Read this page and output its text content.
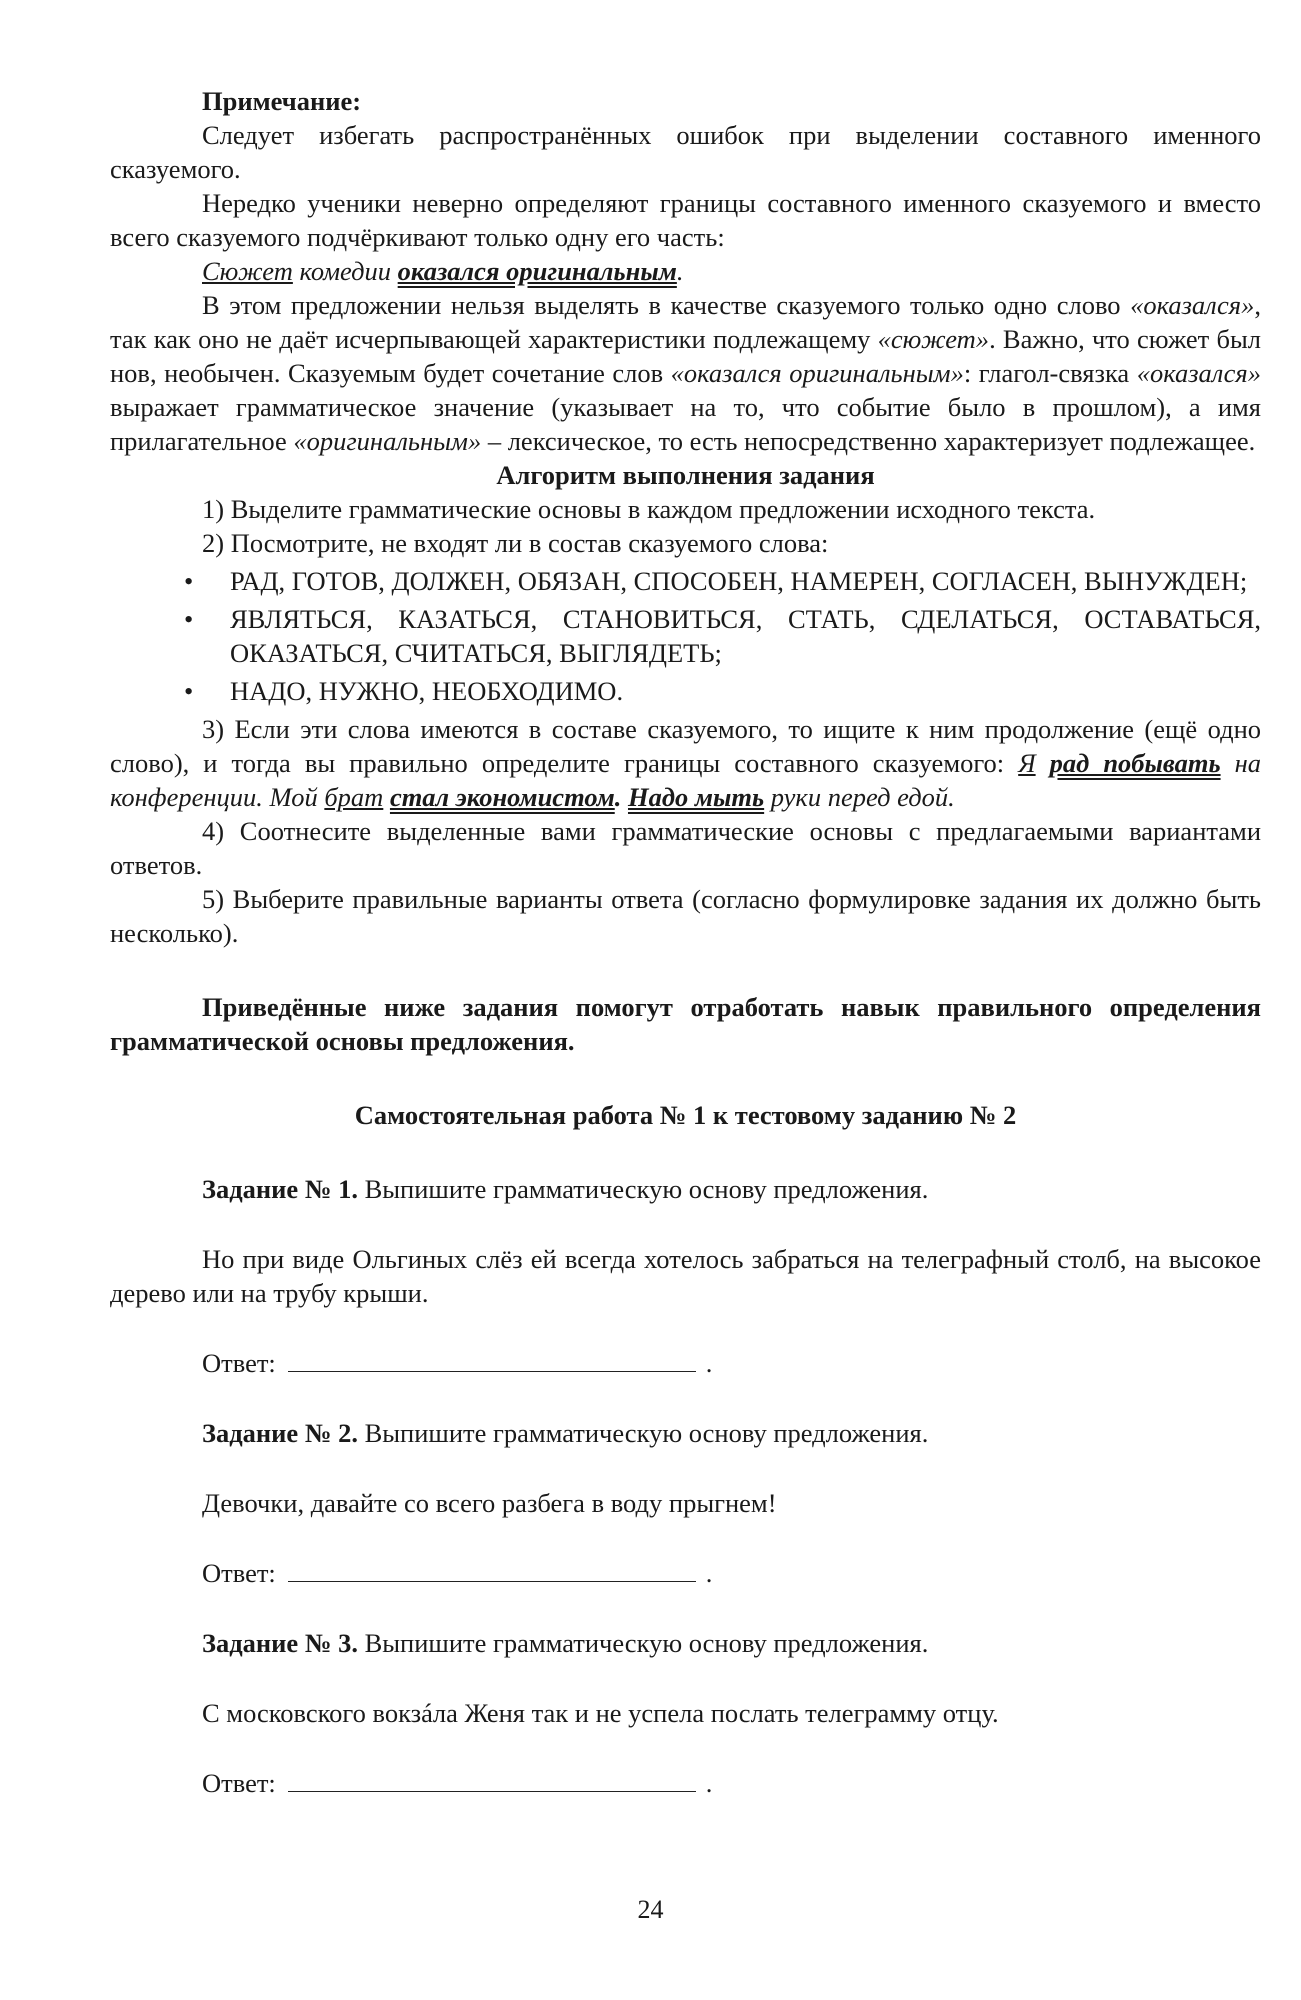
Примечание:

Следует избегать распространённых ошибок при выделении составного именного сказуемого.

Нередко ученики неверно определяют границы составного именного сказуемого и вместо всего сказуемого подчёркивают только одну его часть:

Сюжет комедии оказался оригинальным.

В этом предложении нельзя выделять в качестве сказуемого только одно слово «оказался», так как оно не даёт исчерпывающей характеристики подлежащему «сюжет». Важно, что сюжет был нов, необычен. Сказуемым будет сочетание слов «оказался оригинальным»: глагол-связка «оказался» выражает грамматическое значение (указывает на то, что событие было в прошлом), а имя прилагательное «оригинальным» – лексическое, то есть непосредственно характеризует подлежащее.

Алгоритм выполнения задания

1) Выделите грамматические основы в каждом предложении исходного текста.

2) Посмотрите, не входят ли в состав сказуемого слова:

• РАД, ГОТОВ, ДОЛЖЕН, ОБЯЗАН, СПОСОБЕН, НАМЕРЕН, СОГЛАСЕН, ВЫНУЖДЕН;
• ЯВЛЯТЬСЯ, КАЗАТЬСЯ, СТАНОВИТЬСЯ, СТАТЬ, СДЕЛАТЬСЯ, ОСТАВАТЬСЯ, ОКАЗАТЬСЯ, СЧИТАТЬСЯ, ВЫГЛЯДЕТЬ;
• НАДО, НУЖНО, НЕОБХОДИМО.

3) Если эти слова имеются в составе сказуемого, то ищите к ним продолжение (ещё одно слово), и тогда вы правильно определите границы составного сказуемого: Я рад побывать на конференции. Мой брат стал экономистом. Надо мыть руки перед едой.

4) Соотнесите выделенные вами грамматические основы с предлагаемыми вариантами ответов.

5) Выберите правильные варианты ответа (согласно формулировке задания их должно быть несколько).

Приведённые ниже задания помогут отработать навык правильного определения грамматической основы предложения.

Самостоятельная работа № 1 к тестовому заданию № 2

Задание № 1. Выпишите грамматическую основу предложения.

Но при виде Ольгиных слёз ей всегда хотелось забраться на телеграфный столб, на высокое дерево или на трубу крыши.

Ответ:	.

Задание № 2. Выпишите грамматическую основу предложения.

Девочки, давайте со всего разбега в воду прыгнем!

Ответ:	.

Задание № 3. Выпишите грамматическую основу предложения.

С московского вокзáла Женя так и не успела послать телеграмму отцу.

Ответ:	.

24
